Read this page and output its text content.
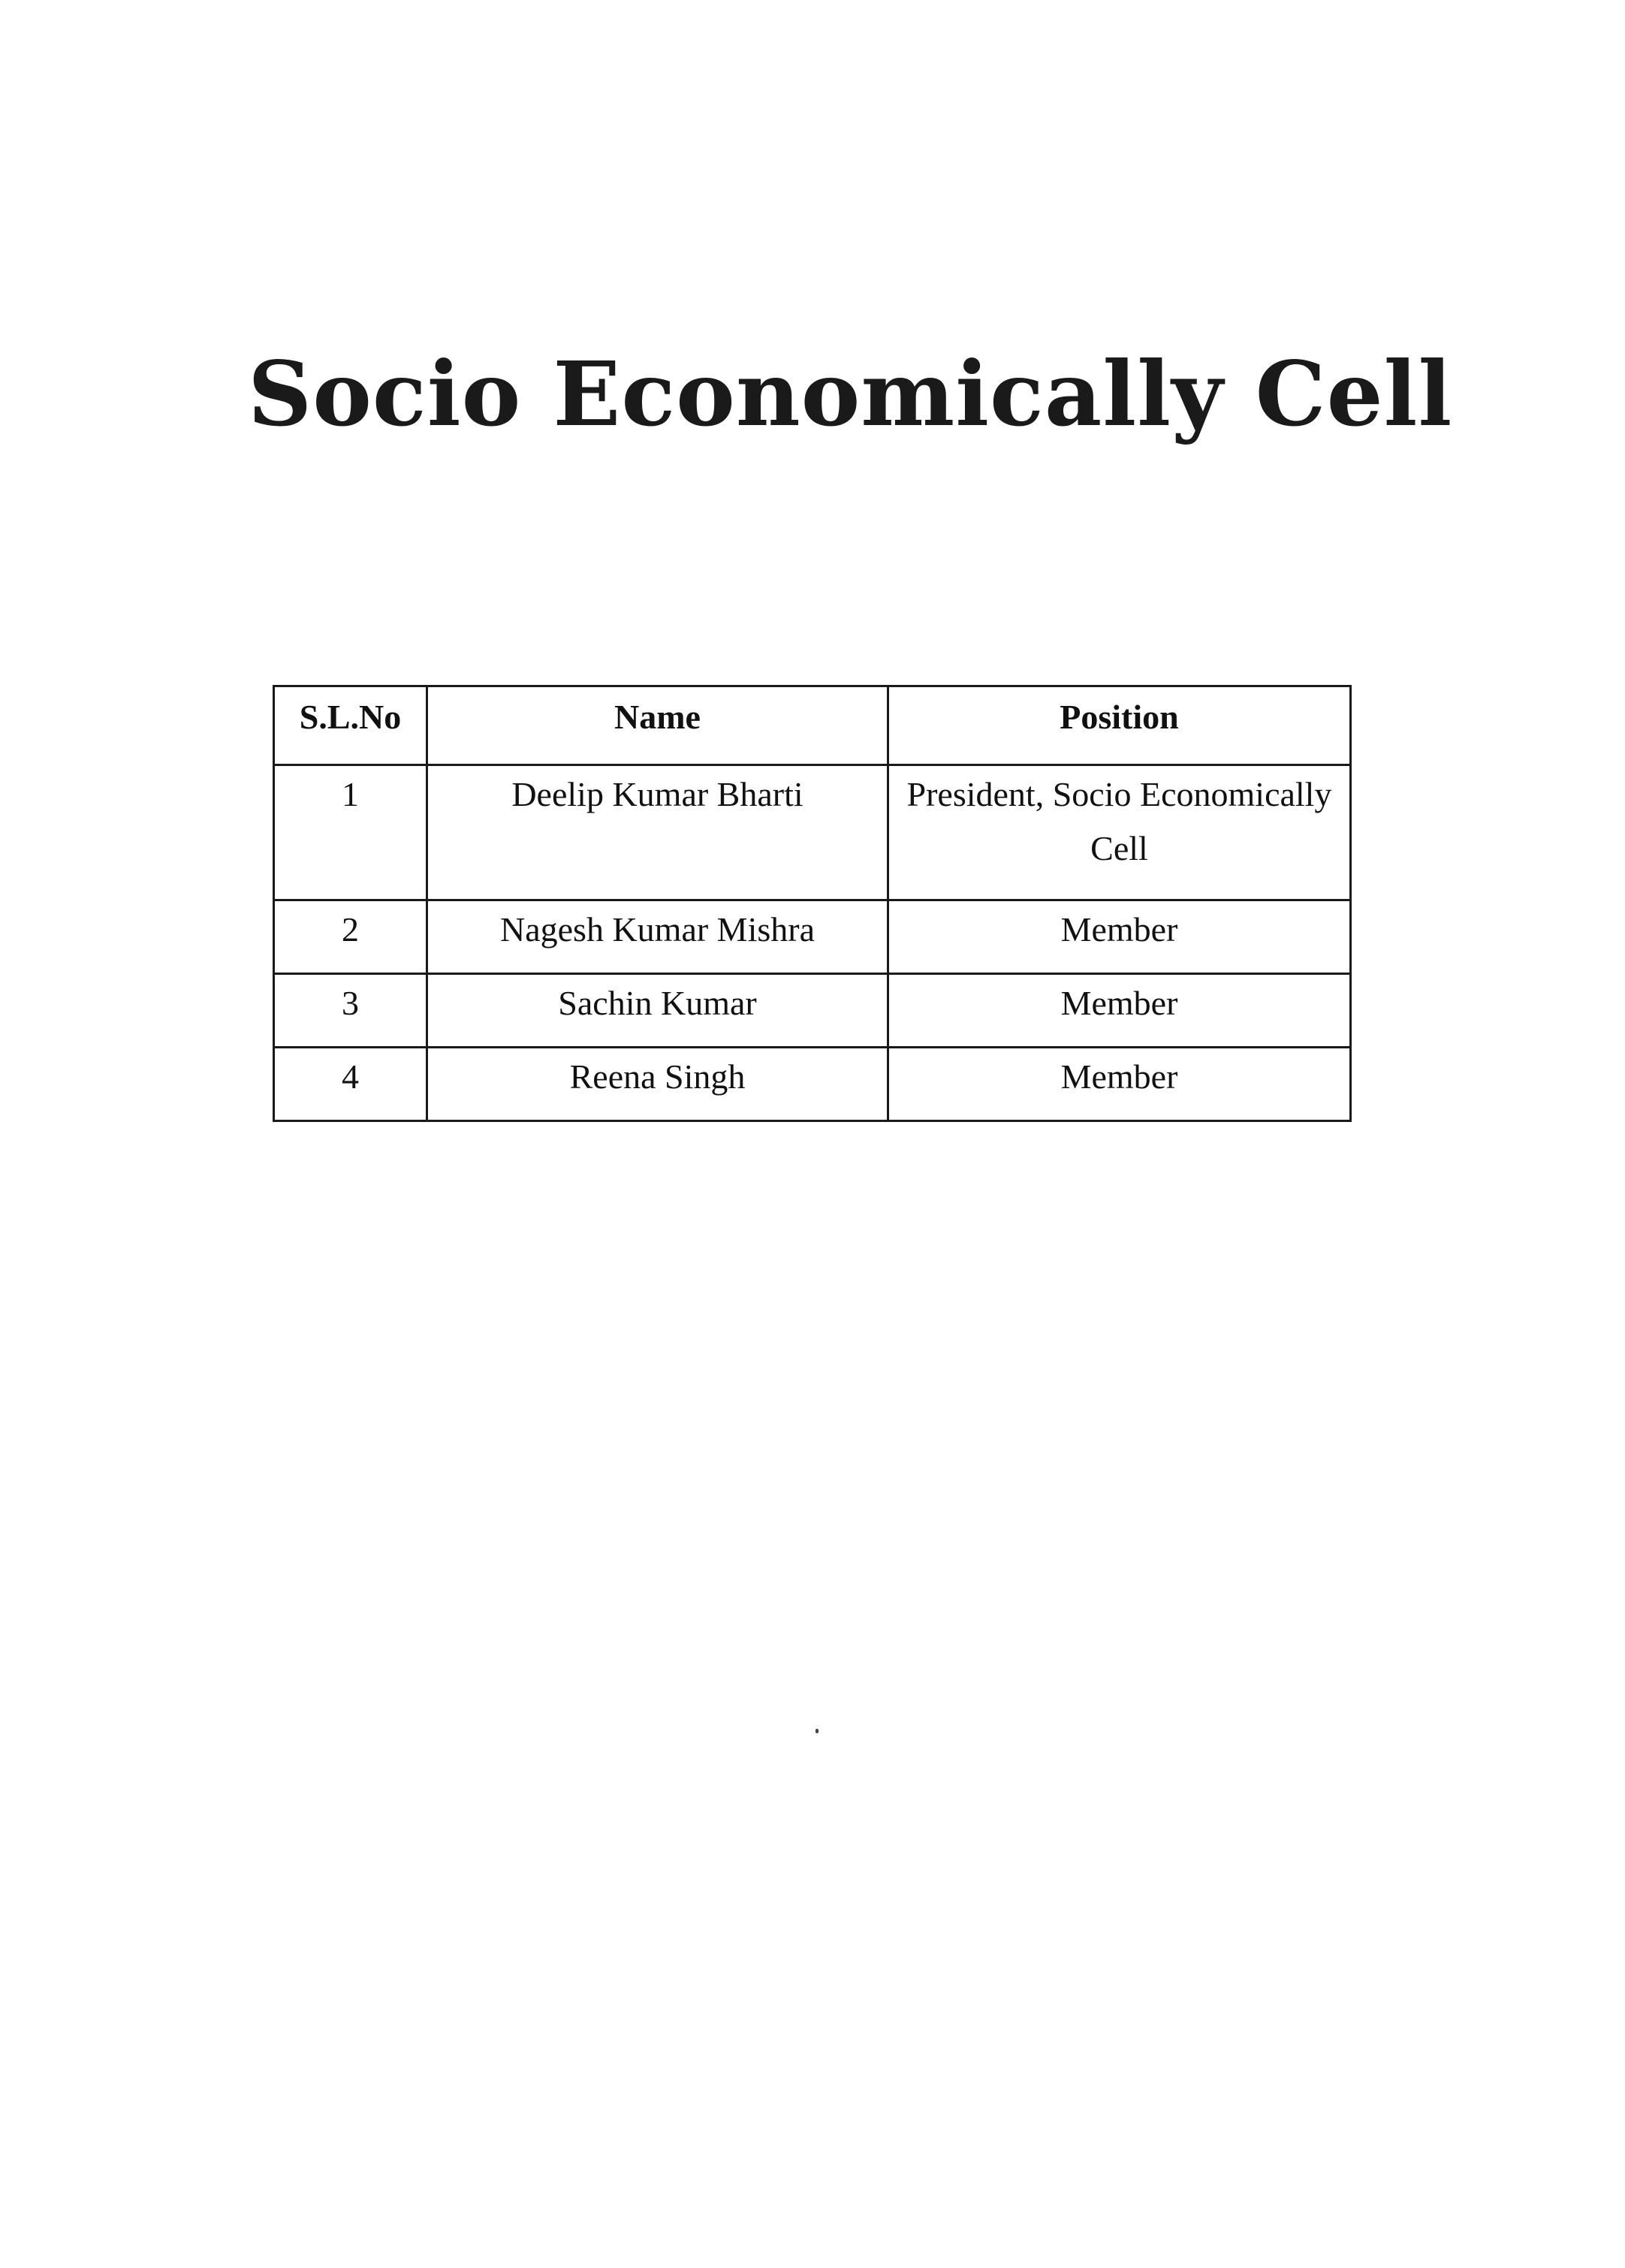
Socio Economically Cell
S.L.No	Name	Position
1	Deelip Kumar Bharti	President, Socio Economically Cell
2	Nagesh Kumar Mishra	Member
3	Sachin Kumar	Member
4	Reena Singh	Member
